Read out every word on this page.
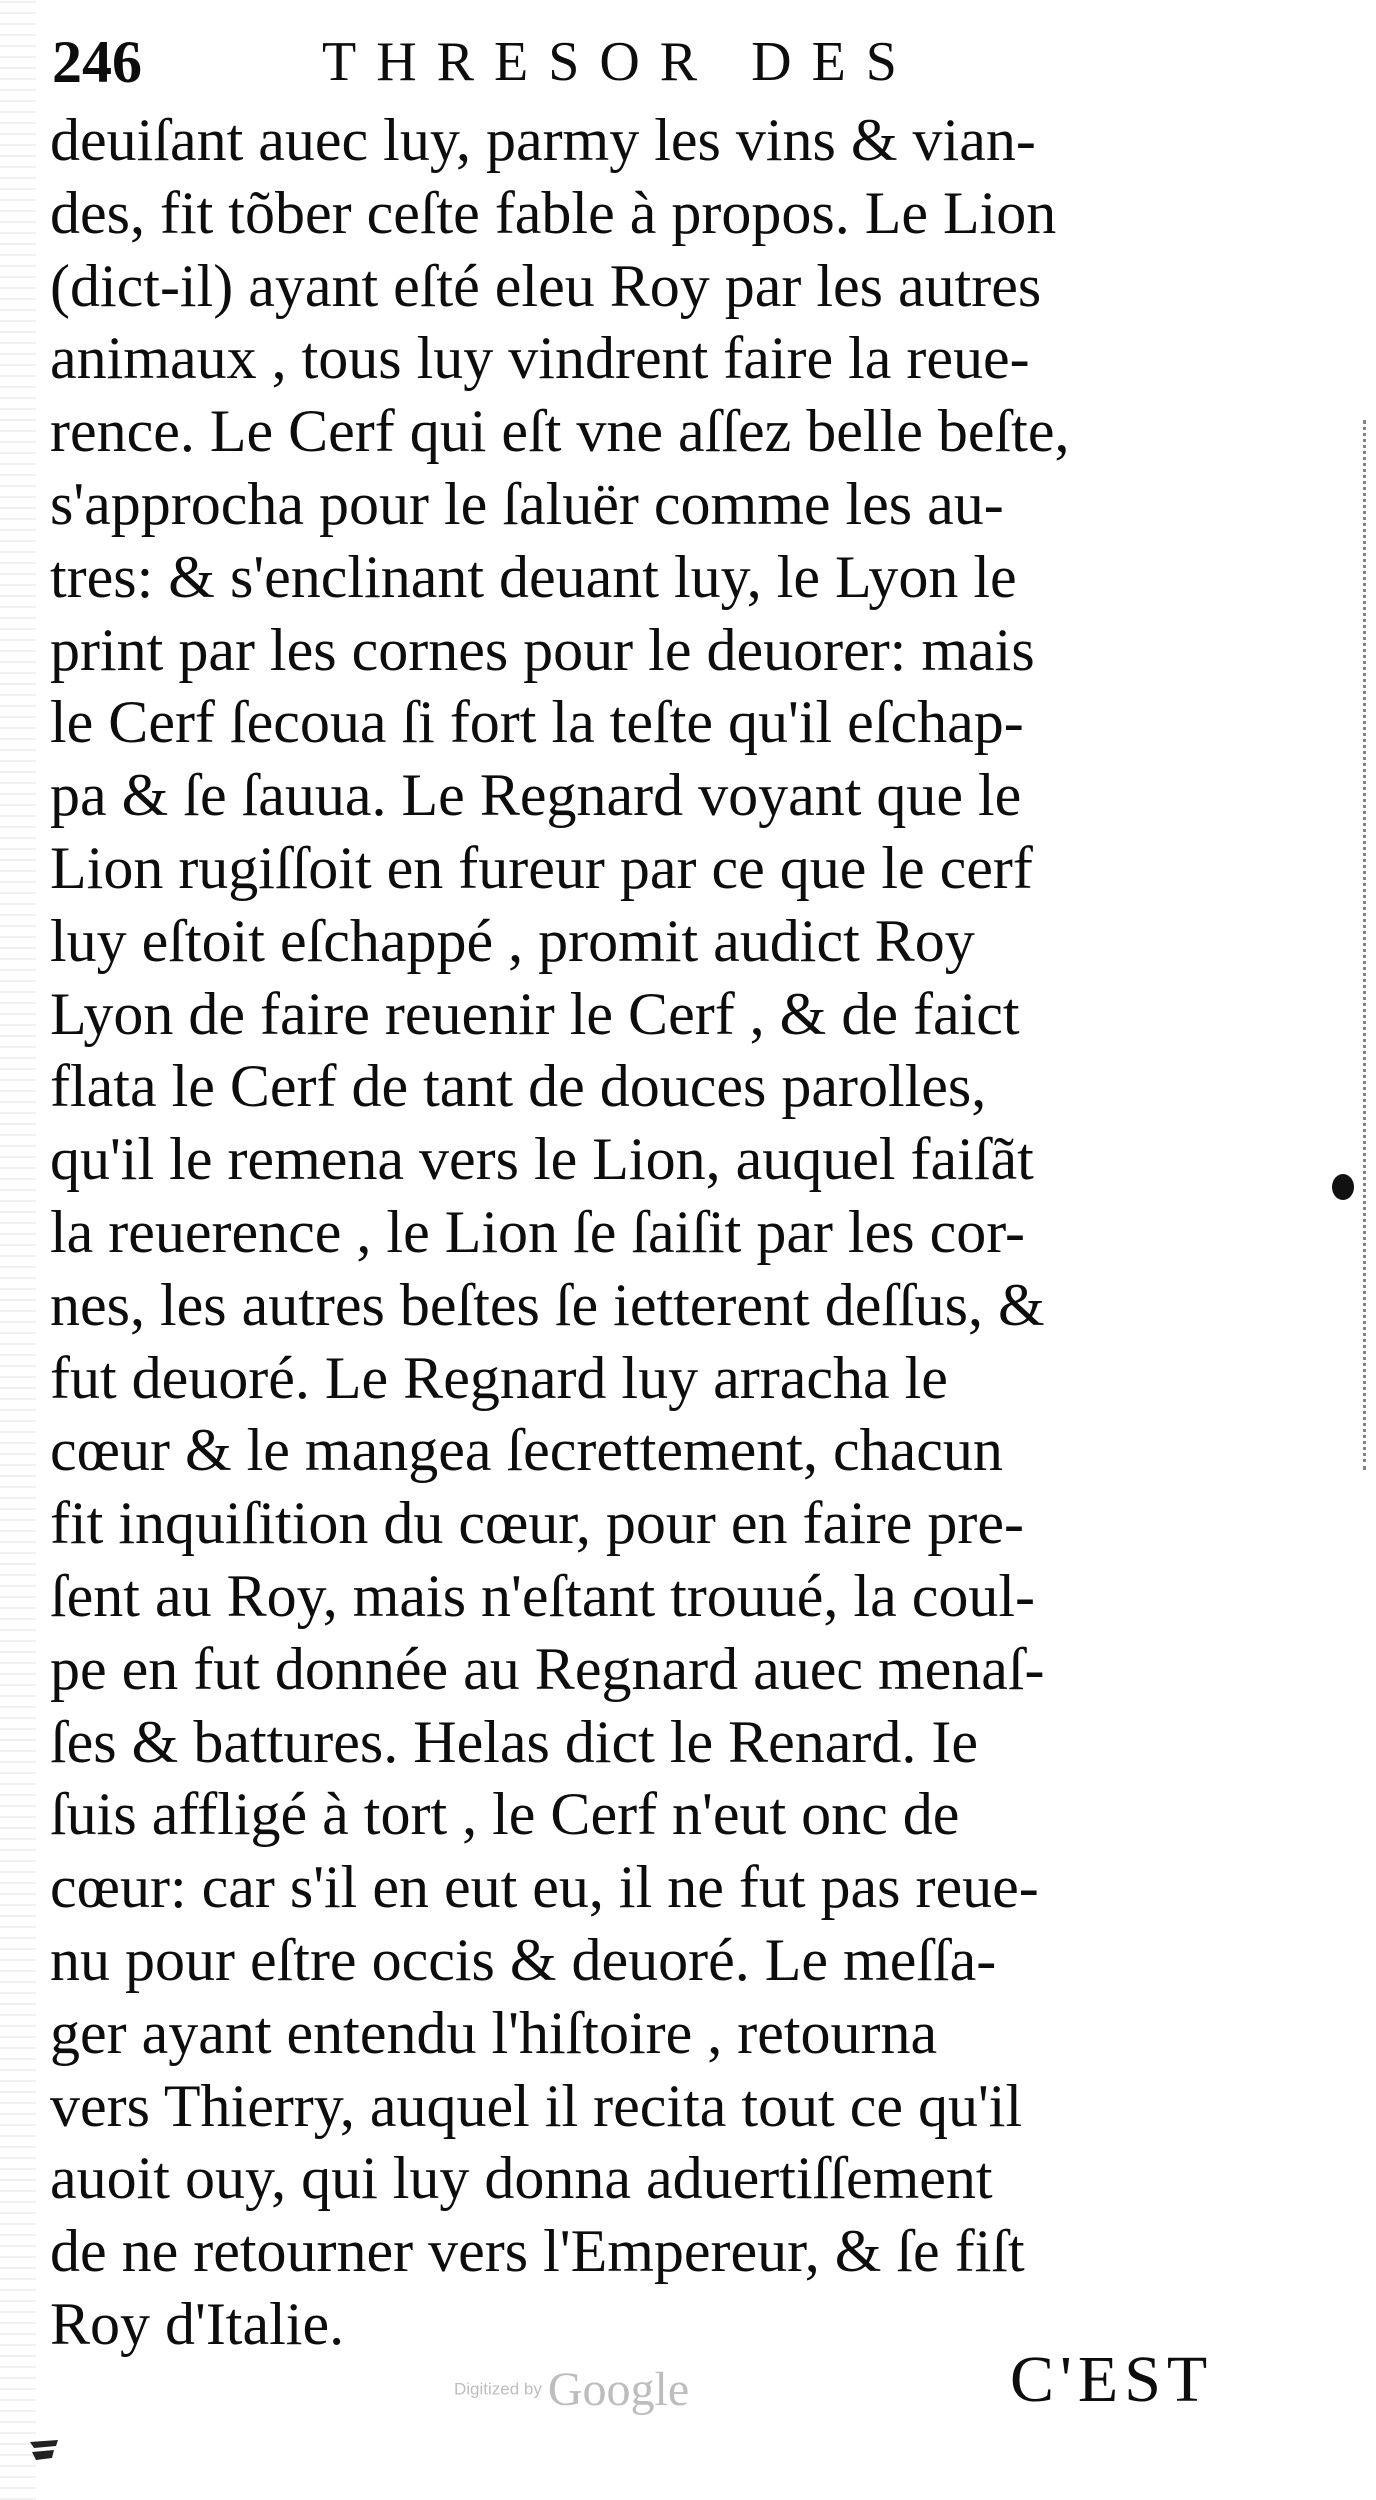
246	THRESOR DES
deuiſant auec luy, parmy les vins & vian-
des, fit tõber ceſte fable à propos. Le Lion
(dict-il) ayant eſté eleu Roy par les autres
animaux , tous luy vindrent faire la reue-
rence. Le Cerf qui eſt vne aſſez belle beſte,
s'approcha pour le ſaluër comme les au-
tres: & s'enclinant deuant luy, le Lyon le
print par les cornes pour le deuorer: mais
le Cerf ſecoua ſi fort la teſte qu'il eſchap-
pa & ſe ſauua. Le Regnard voyant que le
Lion rugiſſoit en fureur par ce que le cerf
luy eſtoit eſchappé , promit audict Roy
Lyon de faire reuenir le Cerf , & de faict
flata le Cerf de tant de douces parolles,
qu'il le remena vers le Lion, auquel faiſãt
la reuerence , le Lion ſe ſaiſit par les cor-
nes, les autres beſtes ſe ietterent deſſus, &
fut deuoré. Le Regnard luy arracha le
cœur & le mangea ſecrettement, chacun
fit inquiſition du cœur, pour en faire pre-
ſent au Roy, mais n'eſtant trouué, la coul-
pe en fut donnée au Regnard auec menaſ-
ſes & battures. Helas dict le Renard. Ie
ſuis affligé à tort , le Cerf n'eut onc de
cœur: car s'il en eut eu, il ne fut pas reue-
nu pour eſtre occis & deuoré. Le meſſa-
ger ayant entendu l'hiſtoire , retourna
vers Thierry, auquel il recita tout ce qu'il
auoit ouy, qui luy donna aduertiſſement
de ne retourner vers l'Empereur, & ſe fiſt
Roy d'Italie.
Digitized by Google	C'EST
